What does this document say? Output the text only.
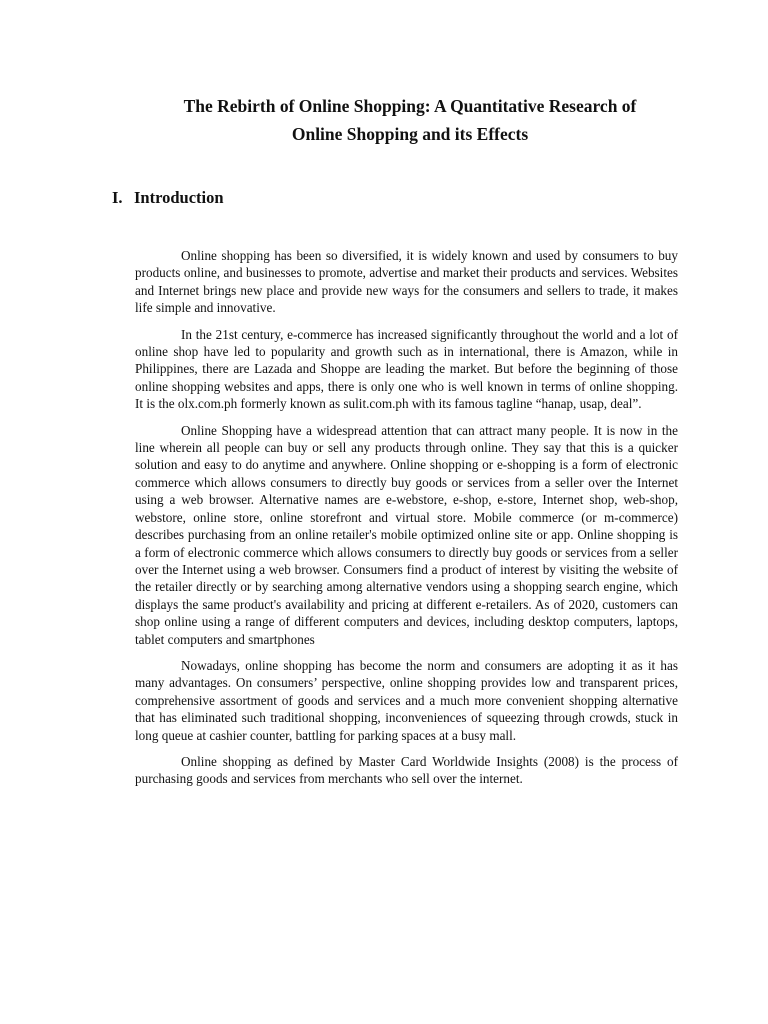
The Rebirth of Online Shopping: A Quantitative Research of
Online Shopping and its Effects
I. Introduction

Online shopping has been so diversified, it is widely known and used by consumers to buy products online, and businesses to promote, advertise and market their products and services. Websites and Internet brings new place and provide new ways for the consumers and sellers to trade, it makes life simple and innovative.

In the 21st century, e-commerce has increased significantly throughout the world and a lot of online shop have led to popularity and growth such as in international, there is Amazon, while in Philippines, there are Lazada and Shoppe are leading the market. But before the beginning of those online shopping websites and apps, there is only one who is well known in terms of online shopping. It is the olx.com.ph formerly known as sulit.com.ph with its famous tagline “hanap, usap, deal”.

Online Shopping have a widespread attention that can attract many people. It is now in the line wherein all people can buy or sell any products through online. They say that this is a quicker solution and easy to do anytime and anywhere. Online shopping or e-shopping is a form of electronic commerce which allows consumers to directly buy goods or services from a seller over the Internet using a web browser. Alternative names are e-webstore, e-shop, e-store, Internet shop, web-shop, webstore, online store, online storefront and virtual store. Mobile commerce (or m-commerce) describes purchasing from an online retailer's mobile optimized online site or app. Online shopping is a form of electronic commerce which allows consumers to directly buy goods or services from a seller over the Internet using a web browser. Consumers find a product of interest by visiting the website of the retailer directly or by searching among alternative vendors using a shopping search engine, which displays the same product's availability and pricing at different e-retailers. As of 2020, customers can shop online using a range of different computers and devices, including desktop computers, laptops, tablet computers and smartphones

Nowadays, online shopping has become the norm and consumers are adopting it as it has many advantages. On consumers’ perspective, online shopping provides low and transparent prices, comprehensive assortment of goods and services and a much more convenient shopping alternative that has eliminated such traditional shopping, inconveniences of squeezing through crowds, stuck in long queue at cashier counter, battling for parking spaces at a busy mall.

Online shopping as defined by Master Card Worldwide Insights (2008) is the process of purchasing goods and services from merchants who sell over the internet.
